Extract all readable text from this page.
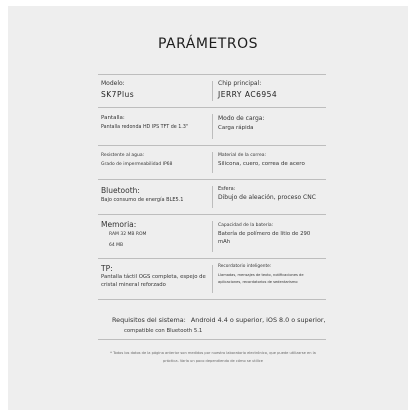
PARÁMETROS
Modelo:
SK7Plus
Chip principal:
JERRY AC6954
Pantalla:
Pantalla redonda HD IPS TFT de 1.3"
Modo de carga:
Carga rápida
Resistente al agua:
Grado de impermeabilidad IP68
Material de la correa:
Silicona, cuero, correa de acero
Bluetooth:
Bajo consumo de energía BLE5.1
Esfera:
Dibujo de aleación, proceso CNC
Memoria:
RAM 32 MB ROM
64 MB
Capacidad de la batería:
Batería de polímero de litio de 290 mAh
TP:
Pantalla táctil OGS completa, espejo de cristal mineral reforzado
Recordatorio inteligente:
Llamadas, mensajes de texto, notificaciones de aplicaciones, recordatorios de sedentarismo
Requisitos del sistema: Android 4.4 o superior, iOS 8.0 o superior,
compatible con Bluetooth 5.1
* Todos los datos de la página anterior son medidos por nuestro laboratorio electrónico, que puede utilizarse en la práctica. Varía un poco dependiendo de cómo se utilice
